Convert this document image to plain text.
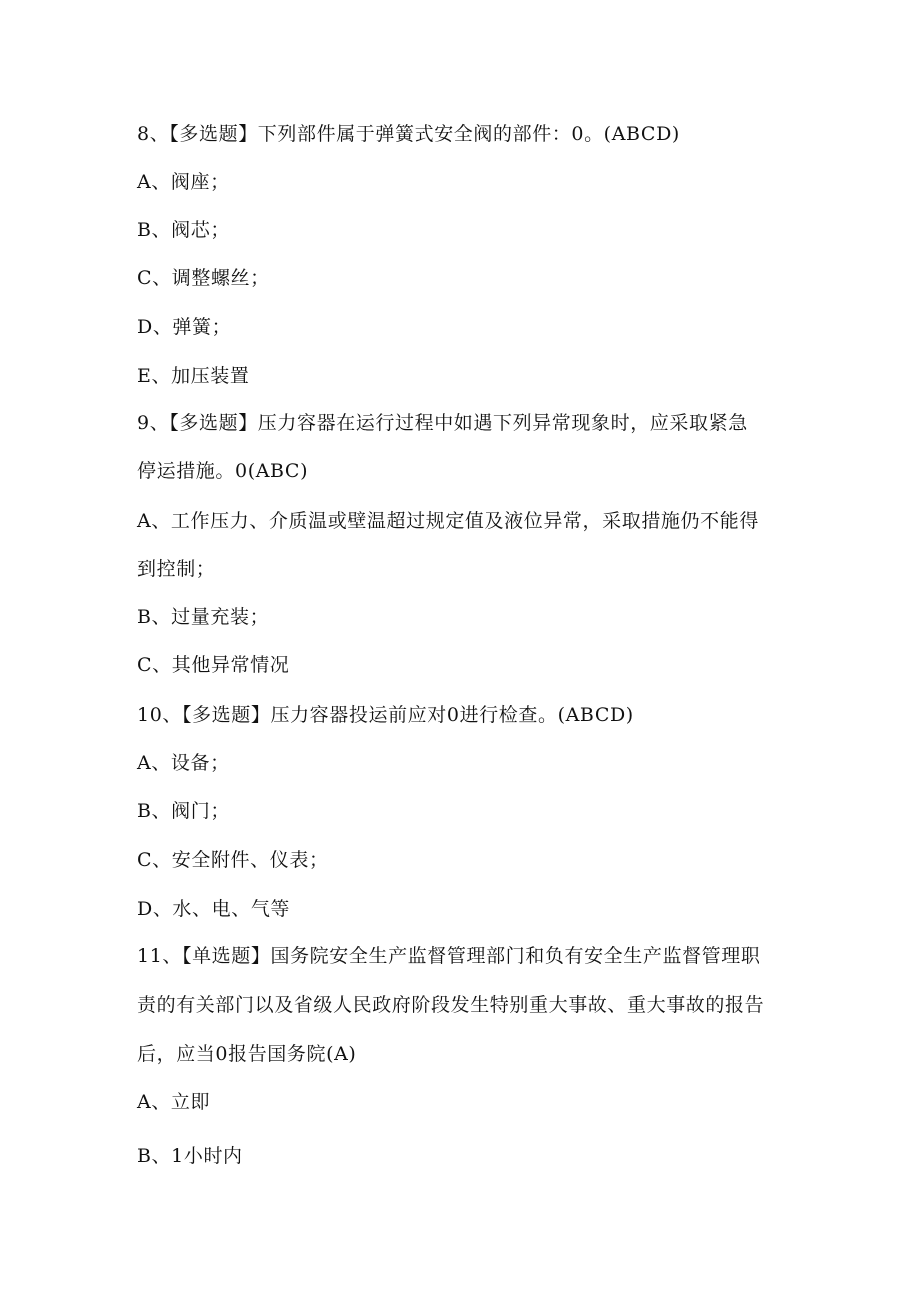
8、【多选题】下列部件属于弹簧式安全阀的部件：0。(ABCD)
A、阀座；
B、阀芯；
C、调整螺丝；
D、弹簧；
E、加压装置
9、【多选题】压力容器在运行过程中如遇下列异常现象时，应采取紧急
停运措施。0(ABC)
A、工作压力、介质温或壁温超过规定值及液位异常，采取措施仍不能得
到控制；
B、过量充装；
C、其他异常情况
10、【多选题】压力容器投运前应对0进行检查。(ABCD)
A、设备；
B、阀门；
C、安全附件、仪表；
D、水、电、气等
11、【单选题】国务院安全生产监督管理部门和负有安全生产监督管理职
责的有关部门以及省级人民政府阶段发生特别重大事故、重大事故的报告
后，应当0报告国务院(A)
A、立即
B、1小时内
